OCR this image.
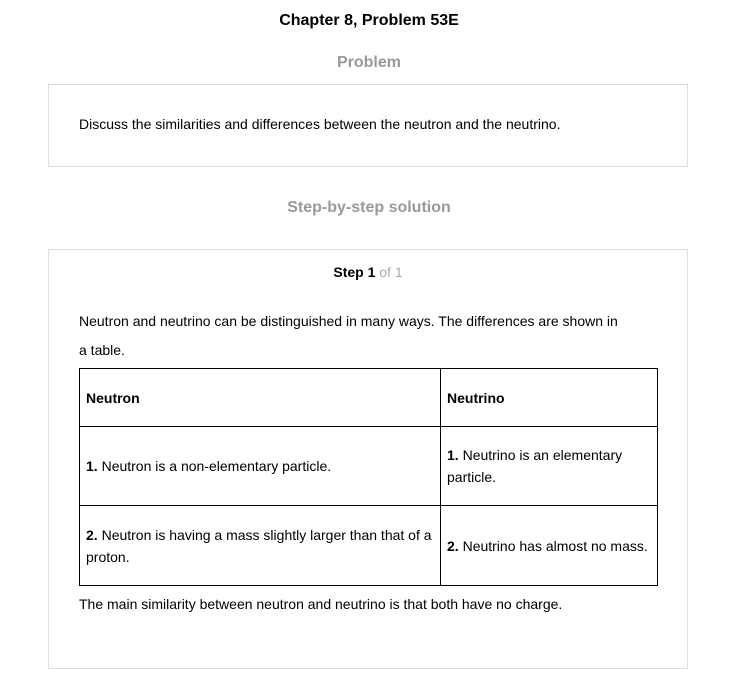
Chapter 8, Problem 53E
Problem
Discuss the similarities and differences between the neutron and the neutrino.
Step-by-step solution
Step 1 of 1
Neutron and neutrino can be distinguished in many ways. The differences are shown in
a table.
Neutron	Neutrino
1. Neutron is a non-elementary particle.	1. Neutrino is an elementary particle.
2. Neutron is having a mass slightly larger than that of a proton.	2. Neutrino has almost no mass.
The main similarity between neutron and neutrino is that both have no charge.
